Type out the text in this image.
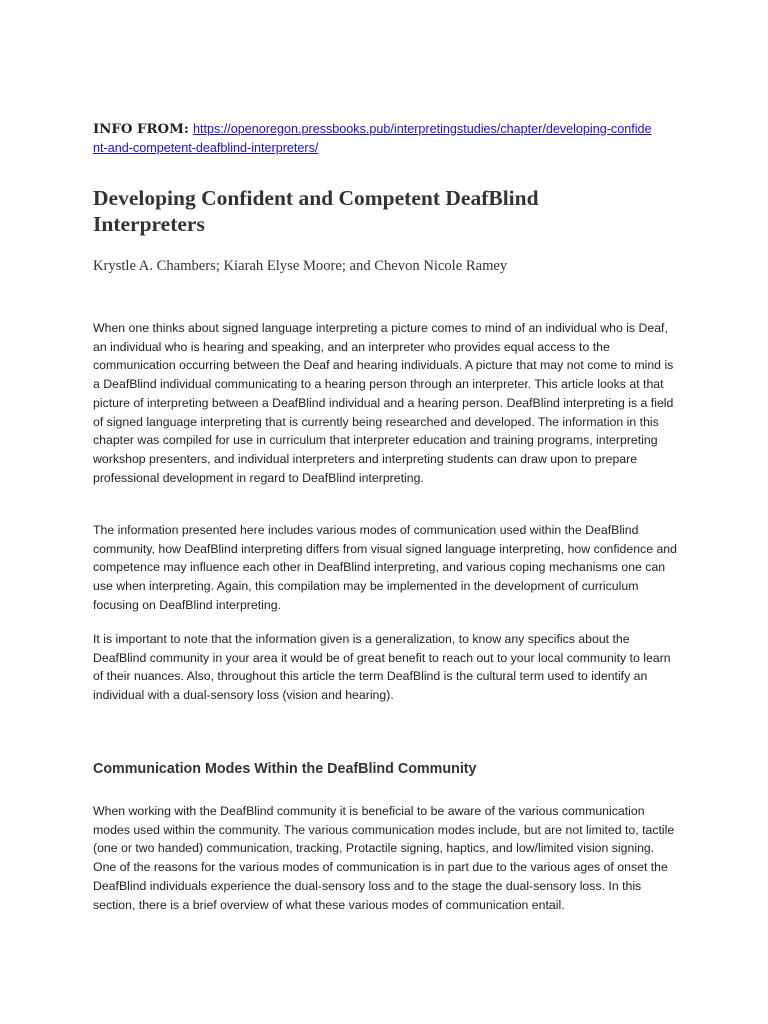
INFO FROM: https://openoregon.pressbooks.pub/interpretingstudies/chapter/developing-confident-and-competent-deafblind-interpreters/
Developing Confident and Competent DeafBlind Interpreters

Krystle A. Chambers; Kiarah Elyse Moore; and Chevon Nicole Ramey

When one thinks about signed language interpreting a picture comes to mind of an individual who is Deaf, an individual who is hearing and speaking, and an interpreter who provides equal access to the communication occurring between the Deaf and hearing individuals. A picture that may not come to mind is a DeafBlind individual communicating to a hearing person through an interpreter. This article looks at that picture of interpreting between a DeafBlind individual and a hearing person. DeafBlind interpreting is a field of signed language interpreting that is currently being researched and developed. The information in this chapter was compiled for use in curriculum that interpreter education and training programs, interpreting workshop presenters, and individual interpreters and interpreting students can draw upon to prepare professional development in regard to DeafBlind interpreting.

The information presented here includes various modes of communication used within the DeafBlind community, how DeafBlind interpreting differs from visual signed language interpreting, how confidence and competence may influence each other in DeafBlind interpreting, and various coping mechanisms one can use when interpreting. Again, this compilation may be implemented in the development of curriculum focusing on DeafBlind interpreting.

It is important to note that the information given is a generalization, to know any specifics about the DeafBlind community in your area it would be of great benefit to reach out to your local community to learn of their nuances. Also, throughout this article the term DeafBlind is the cultural term used to identify an individual with a dual-sensory loss (vision and hearing).

Communication Modes Within the DeafBlind Community

When working with the DeafBlind community it is beneficial to be aware of the various communication modes used within the community. The various communication modes include, but are not limited to, tactile (one or two handed) communication, tracking, Protactile signing, haptics, and low/limited vision signing. One of the reasons for the various modes of communication is in part due to the various ages of onset the DeafBlind individuals experience the dual-sensory loss and to the stage the dual-sensory loss. In this section, there is a brief overview of what these various modes of communication entail.
